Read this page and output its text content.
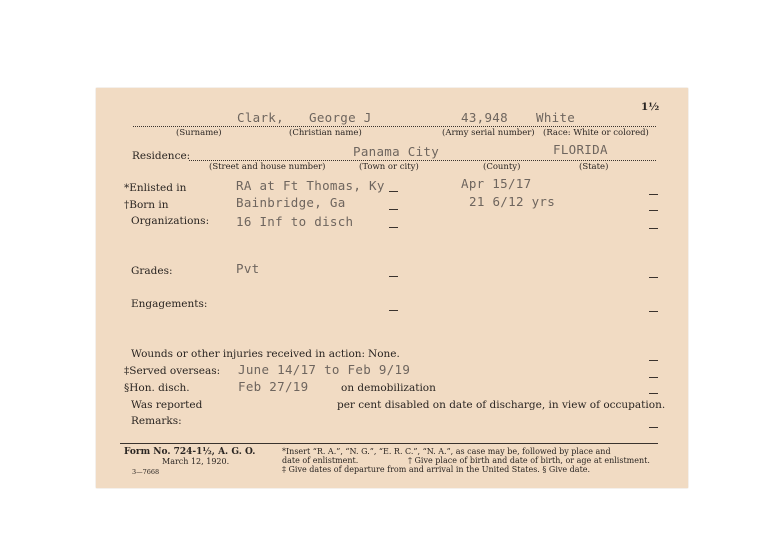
1½
Clark, George J	43,948 White
(Surname)	(Christian name)	(Army serial number) (Race: White or colored)
Residence:	Panama City	FLORIDA
(Street and house number)	(Town or city)	(County)	(State)
*Enlisted in	RA at Ft Thomas, Ky	Apr 15/17
†Born in	Bainbridge, Ga	21 6/12 yrs
Organizations: 16 Inf to disch
Grades:	Pvt
Engagements:
Wounds or other injuries received in action: None.
‡Served overseas: June 14/17 to Feb 9/19
§Hon. disch.	Feb 27/19	on demobilization
Was reported	per cent disabled on date of discharge, in view of occupation.
Remarks:
Form No. 724-1½, A. G. O.
March 12, 1920.
3—7668
*Insert “R. A.”, “N. G.”, “E. R. C.”, “N. A.”, as case may be, followed by place and
date of enlistment.	† Give place of birth and date of birth, or age at enlistment.
‡ Give dates of departure from and arrival in the United States. § Give date.
